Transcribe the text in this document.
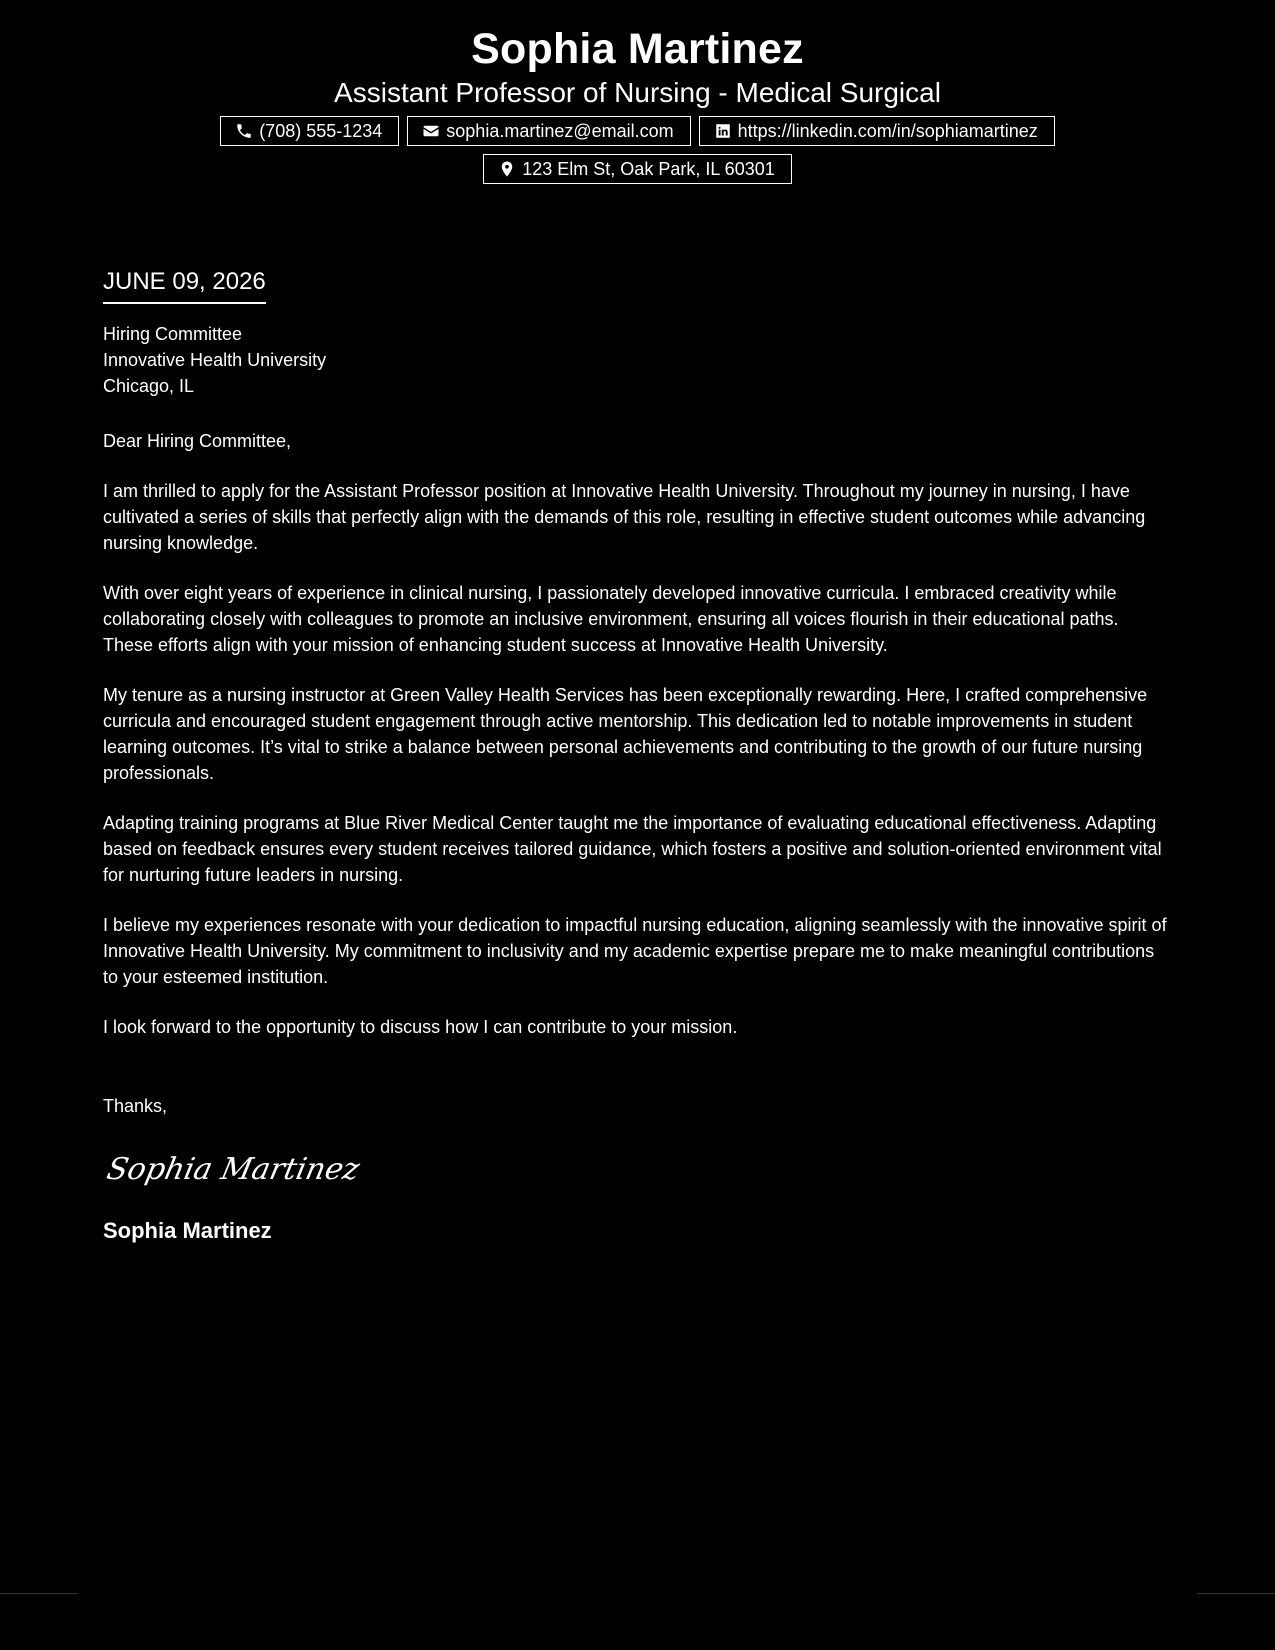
Sophia Martinez
Assistant Professor of Nursing - Medical Surgical
(708) 555-1234	sophia.martinez@email.com	https://linkedin.com/in/sophiamartinez
123 Elm St, Oak Park, IL 60301
JUNE 09, 2026
Hiring Committee
Innovative Health University
Chicago, IL
Dear Hiring Committee,
I am thrilled to apply for the Assistant Professor position at Innovative Health University. Throughout my journey in nursing, I have cultivated a series of skills that perfectly align with the demands of this role, resulting in effective student outcomes while advancing nursing knowledge.
With over eight years of experience in clinical nursing, I passionately developed innovative curricula. I embraced creativity while collaborating closely with colleagues to promote an inclusive environment, ensuring all voices flourish in their educational paths. These efforts align with your mission of enhancing student success at Innovative Health University.
My tenure as a nursing instructor at Green Valley Health Services has been exceptionally rewarding. Here, I crafted comprehensive curricula and encouraged student engagement through active mentorship. This dedication led to notable improvements in student learning outcomes. It’s vital to strike a balance between personal achievements and contributing to the growth of our future nursing professionals.
Adapting training programs at Blue River Medical Center taught me the importance of evaluating educational effectiveness. Adapting based on feedback ensures every student receives tailored guidance, which fosters a positive and solution-oriented environment vital for nurturing future leaders in nursing.
I believe my experiences resonate with your dedication to impactful nursing education, aligning seamlessly with the innovative spirit of Innovative Health University. My commitment to inclusivity and my academic expertise prepare me to make meaningful contributions to your esteemed institution.
I look forward to the opportunity to discuss how I can contribute to your mission.
Thanks,
Sophia Martinez
Sophia Martinez
